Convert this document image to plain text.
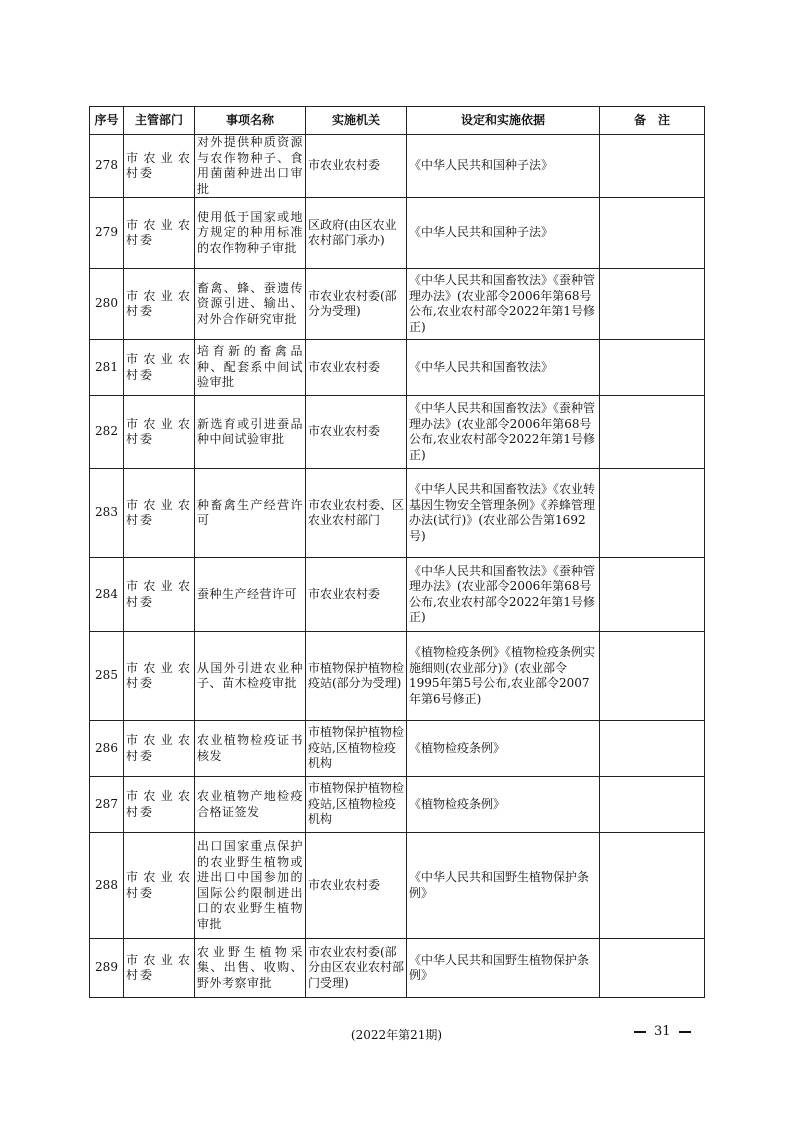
序号	主管部门	事项名称	实施机关	设定和实施依据	备　注
278	市农业农村委	对外提供种质资源与农作物种子、食用菌菌种进出口审批	市农业农村委	《中华人民共和国种子法》	
279	市农业农村委	使用低于国家或地方规定的种用标准的农作物种子审批	区政府(由区农业农村部门承办)	《中华人民共和国种子法》	
280	市农业农村委	畜禽、蜂、蚕遗传资源引进、输出、对外合作研究审批	市农业农村委(部分为受理)	《中华人民共和国畜牧法》《蚕种管理办法》(农业部令2006年第68号公布,农业农村部令2022年第1号修正)	
281	市农业农村委	培育新的畜禽品种、配套系中间试验审批	市农业农村委	《中华人民共和国畜牧法》	
282	市农业农村委	新选育或引进蚕品种中间试验审批	市农业农村委	《中华人民共和国畜牧法》《蚕种管理办法》(农业部令2006年第68号公布,农业农村部令2022年第1号修正)	
283	市农业农村委	种畜禽生产经营许可	市农业农村委、区农业农村部门	《中华人民共和国畜牧法》《农业转基因生物安全管理条例》《养蜂管理办法(试行)》(农业部公告第1692号)	
284	市农业农村委	蚕种生产经营许可	市农业农村委	《中华人民共和国畜牧法》《蚕种管理办法》(农业部令2006年第68号公布,农业农村部令2022年第1号修正)	
285	市农业农村委	从国外引进农业种子、苗木检疫审批	市植物保护植物检疫站(部分为受理)	《植物检疫条例》《植物检疫条例实施细则(农业部分)》(农业部令1995年第5号公布,农业部令2007年第6号修正)	
286	市农业农村委	农业植物检疫证书核发	市植物保护植物检疫站,区植物检疫机构	《植物检疫条例》	
287	市农业农村委	农业植物产地检疫合格证签发	市植物保护植物检疫站,区植物检疫机构	《植物检疫条例》	
288	市农业农村委	出口国家重点保护的农业野生植物或进出口中国参加的国际公约限制进出口的农业野生植物审批	市农业农村委	《中华人民共和国野生植物保护条例》	
289	市农业农村委	农业野生植物采集、出售、收购、野外考察审批	市农业农村委(部分由区农业农村部门受理)	《中华人民共和国野生植物保护条例》	
(2022年第21期)	31
